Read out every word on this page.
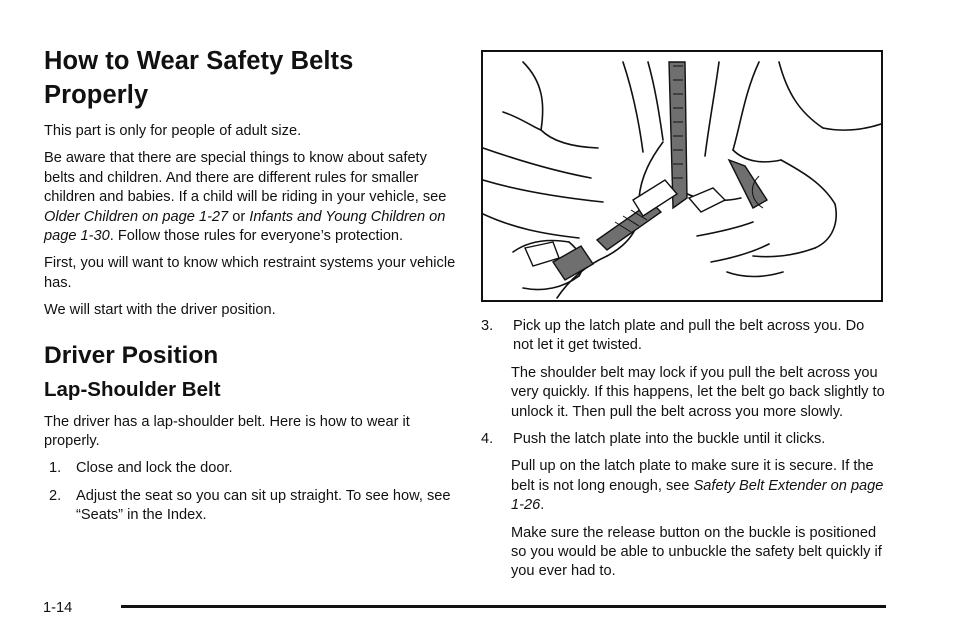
How to Wear Safety Belts Properly

This part is only for people of adult size.

Be aware that there are special things to know about safety belts and children. And there are different rules for smaller children and babies. If a child will be riding in your vehicle, see Older Children on page 1-27 or Infants and Young Children on page 1-30. Follow those rules for everyone’s protection.

First, you will want to know which restraint systems your vehicle has.

We will start with the driver position.

Driver Position
Lap-Shoulder Belt

The driver has a lap-shoulder belt. Here is how to wear it properly.

1. Close and lock the door.
2. Adjust the seat so you can sit up straight. To see how, see “Seats” in the Index.
3. Pick up the latch plate and pull the belt across you. Do not let it get twisted.

The shoulder belt may lock if you pull the belt across you very quickly. If this happens, let the belt go back slightly to unlock it. Then pull the belt across you more slowly.

4. Push the latch plate into the buckle until it clicks.

Pull up on the latch plate to make sure it is secure. If the belt is not long enough, see Safety Belt Extender on page 1-26.

Make sure the release button on the buckle is positioned so you would be able to unbuckle the safety belt quickly if you ever had to.

1-14
